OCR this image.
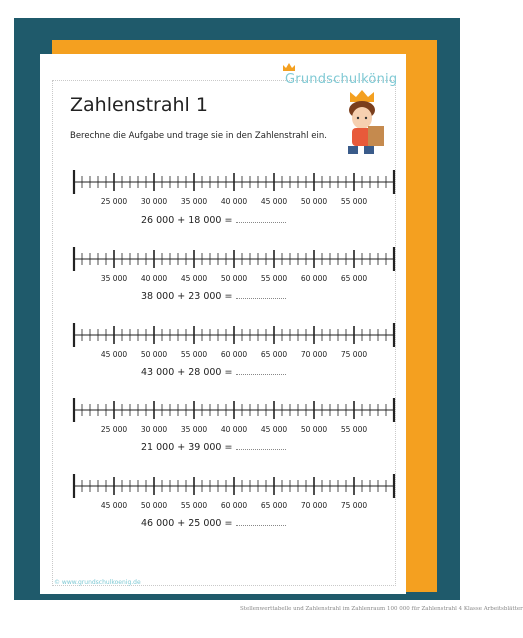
Grundschulkönig
Zahlenstrahl 1
Berechne die Aufgabe und trage sie in den Zahlenstrahl ein.
25 000 30 000 35 000 40 000 45 000 50 000 55 000
26 000 + 18 000 =
35 000 40 000 45 000 50 000 55 000 60 000 65 000
38 000 + 23 000 =
45 000 50 000 55 000 60 000 65 000 70 000 75 000
43 000 + 28 000 =
25 000 30 000 35 000 40 000 45 000 50 000 55 000
21 000 + 39 000 =
45 000 50 000 55 000 60 000 65 000 70 000 75 000
46 000 + 25 000 =
© www.grundschulkoenig.de
Stellenwerttabelle und Zahlenstrahl im Zahlenraum 100 000 für Zahlenstrahl 4 Klasse Arbeitsblätter
